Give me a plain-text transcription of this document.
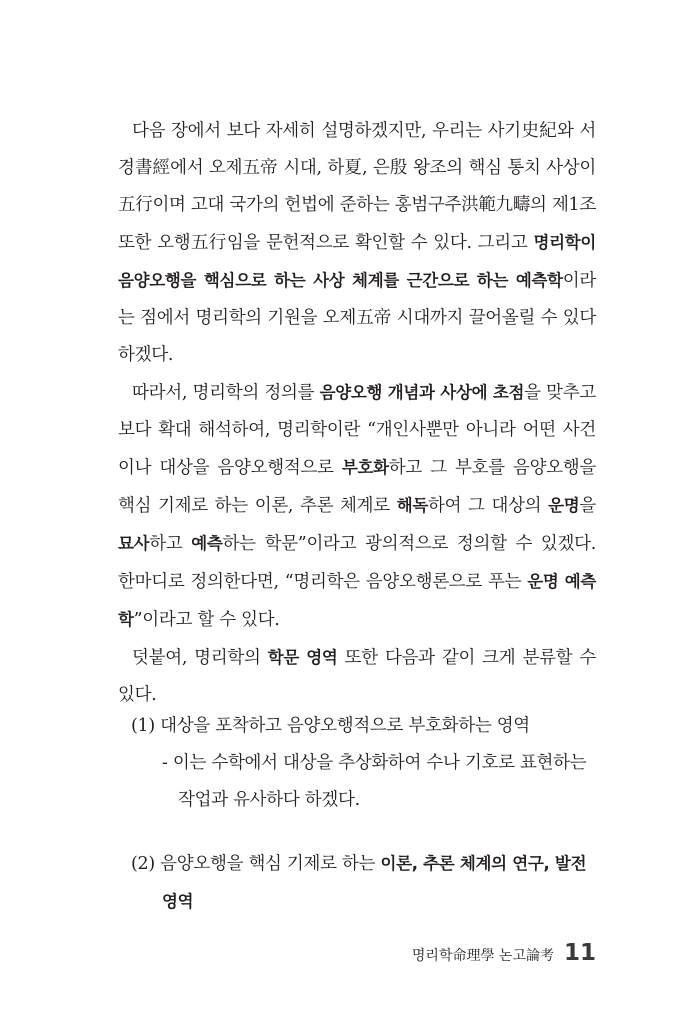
다음 장에서 보다 자세히 설명하겠지만, 우리는 사기史紀와 서경書經에서 오제五帝 시대, 하夏, 은殷 왕조의 핵심 통치 사상이 五行이며 고대 국가의 헌법에 준하는 홍범구주洪範九疇의 제1조 또한 오행五行임을 문헌적으로 확인할 수 있다. 그리고 명리학이 음양오행을 핵심으로 하는 사상 체계를 근간으로 하는 예측학이라는 점에서 명리학의 기원을 오제五帝 시대까지 끌어올릴 수 있다 하겠다.

따라서, 명리학의 정의를 음양오행 개념과 사상에 초점을 맞추고 보다 확대 해석하여, 명리학이란 “개인사뿐만 아니라 어떤 사건이나 대상을 음양오행적으로 부호화하고 그 부호를 음양오행을 핵심 기제로 하는 이론, 추론 체계로 해독하여 그 대상의 운명을 묘사하고 예측하는 학문”이라고 광의적으로 정의할 수 있겠다. 한마디로 정의한다면, “명리학은 음양오행론으로 푸는 운명 예측학”이라고 할 수 있다.

덧붙여, 명리학의 학문 영역 또한 다음과 같이 크게 분류할 수 있다.

(1) 대상을 포착하고 음양오행적으로 부호화하는 영역

- 이는 수학에서 대상을 추상화하여 수나 기호로 표현하는 작업과 유사하다 하겠다.

(2) 음양오행을 핵심 기제로 하는 이론, 추론 체계의 연구, 발전 영역

명리학命理學 논고論考 11
